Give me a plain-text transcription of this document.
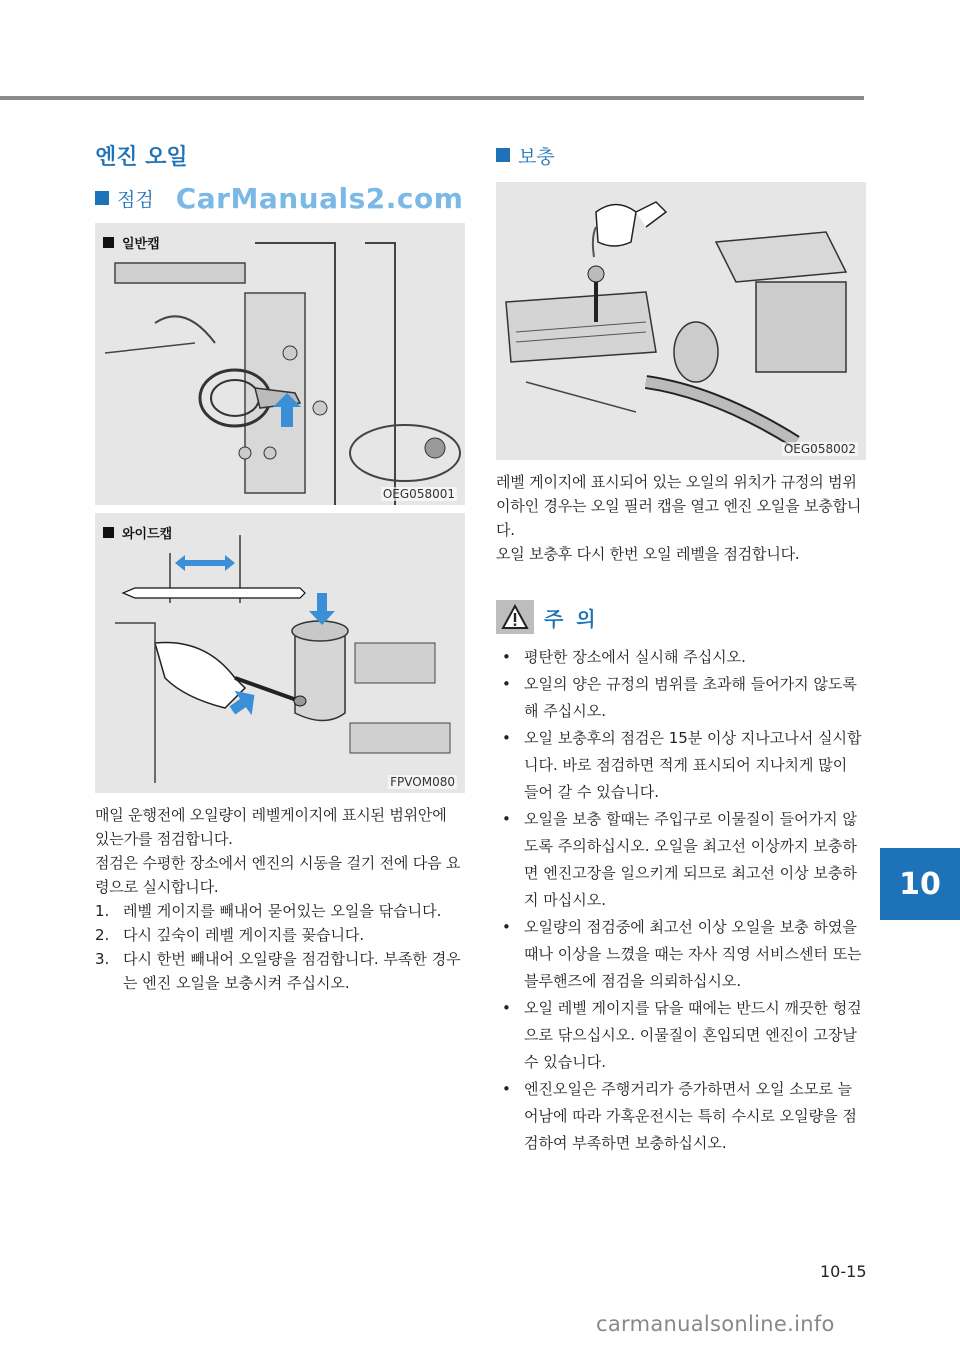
엔진 오일
점검 CarManuals2.com
일반캡
OEG058001
와이드캡
FPVOM080

매일 운행전에 오일량이 레벨게이지에 표시된 범위안에 있는가를 점검합니다.

점검은 수평한 장소에서 엔진의 시동을 걸기 전에 다음 요령으로 실시합니다.

1. 레벨 게이지를 빼내어 묻어있는 오일을 닦습니다.
2. 다시 깊숙이 레벨 게이지를 꽂습니다.
3. 다시 한번 빼내어 오일량을 점검합니다. 부족한 경우는 엔진 오일을 보충시켜 주십시오.
보충
OEG058002

레벨 게이지에 표시되어 있는 오일의 위치가 규정의 범위 이하인 경우는 오일 필러 캡을 열고 엔진 오일을 보충합니다.

오일 보충후 다시 한번 오일 레벨을 점검합니다.

주 의
• 평탄한 장소에서 실시해 주십시오.
• 오일의 양은 규정의 범위를 초과해 들어가지 않도록 해 주십시오.
• 오일 보충후의 점검은 15분 이상 지나고나서 실시합니다. 바로 점검하면 적게 표시되어 지나치게 많이 들어 갈 수 있습니다.
• 오일을 보충 할때는 주입구로 이물질이 들어가지 않도록 주의하십시오. 오일을 최고선 이상까지 보충하면 엔진고장을 일으키게 되므로 최고선 이상 보충하지 마십시오.
• 오일량의 점검중에 최고선 이상 오일을 보충 하였을 때나 이상을 느꼈을 때는 자사 직영 서비스센터 또는 블루핸즈에 점검을 의뢰하십시오.
• 오일 레벨 게이지를 닦을 때에는 반드시 깨끗한 헝겊으로 닦으십시오. 이물질이 혼입되면 엔진이 고장날 수 있습니다.
• 엔진오일은 주행거리가 증가하면서 오일 소모로 늘어남에 따라 가혹운전시는 특히 수시로 오일량을 점검하여 부족하면 보충하십시오.
10
10-15
carmanualsonline.info
